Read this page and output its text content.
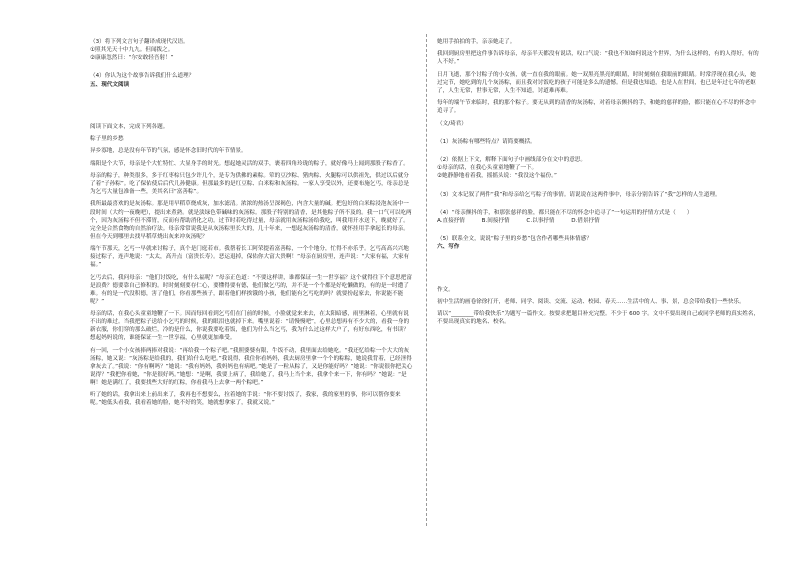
（3）将下列文言句子翻译成现代汉语。

①照其光天十中九九。但闻拨之。

②康康忽然曰：“尔安敢轻吾射！”

（4）你认为这个故事告诉我们什么道理？

五、现代文阅读

阅读下面文本，完成下列各题。

粽子里的乡愁

异乡寡地，总是没有年节的气氛，感是怀念旧时代的年节情景。

端阳是个大节，母亲是个大忙特忙、大显身手的时光。想起她灵活的双手，裹着四角玲珑的粽子，就好像马上闻到那股子粽香了。

母亲的粽子，种类很多，多于红枣棕只包少许几个，是专为供佛的素粽。荤的豆沙粽、猪肉粽、火腿粽可以供祖先，供过以后就分了着“子孙粽”。吃了保佑使后后代儿孙健康。但那最多的是红豆粽、白米粽和灰汤粽。一家人享受以外，还要布施乞丐，母亲总是为乞丐大量包准备一些，美其名曰“富善粽”。

我所最最喜欢的是灰汤粽。那是用早稻草烧成灰，加水滤清。浓浓的热汤呈深褐色，内含大量的碱。把包好的白米粽浸泡灰汤中一段时间（大约一夜晚吧），提出来煮熟。就是淡绿色带碱味的灰汤粽。那股子特别的清香，是其他粽子所不及的。我一口气可以吃两个，因为灰汤粽不但不滞胃，反而有帮助消化之功。过节时若吃得过量，母亲就用灰汤粽汤给我吃，叫我用开水送下，晚就好了。完全是合然食物的自然治疗法。母亲常常说我是从灰汤粽里长大的，几十年来，一想起灰汤粽的清香，就怀挂用手拿起长的母亲。但在今天到哪里去找早稻草烧出灰来冲灰汤呢？

端午节那天，乞丐一早就来讨粽子，真个是门庭若市。我帮着长工阿荣提着富善粽，一个个地分，忙得不亦乐乎。乞丐高高兴兴地接过粽子，连声地说：“太太，高升点（富贵长寿）。恶运退掉，保佑你大富大贵啊！”母亲在厨房里，连声说：“大家有福，大家有福。”

乞丐去后，我问母亲：“他们讨饭吃，有什么福呢？”母亲正色道：“不要这样讲，谁都保证一生一世享福？这个就得往下个意思把富是浪费？德要靠自己修积的。时时刻刻要存仁心，要懂得要有德，他们做乞丐的，并不是一个个都是好吃懒做的，有的是一时遭了难。有的是一代没积德，害了他们，你看那些孩子，跟着他们样挨饿的小孩，他们能有乞丐吃的吗？就要扮起家去，你说能不能呢？”

母亲的话，在我心头童童地鞭了一下。因而每回看到乞丐们在门前的时候，小脸就觉来来去，在太阳暗感，雨里淋着，心里就有说不出的难过。当我把粽子送给小乞丐的时候，我的眼泪也就掉下来。嘴里说着：“请慢慢吧”，心里总想再有不少大的，看我一身的新衣服，你们穿的那么破烂，冷的是什么，你说我要吃着饭，他们为什么当乞丐，我为什么过这样大户了，有好东西吃，有书读？想起妈妈说的，谁能保证一生一世享福，心里就更加难受。

有一回，一个小女孩捧两捧对我说：“再给我一个粽子吧。”我照婆婆有限，牛饭不动，我里面去给她吃。“我还忆给粽一个大大的灰汤粽，她又说：“灰汤粽是给我的，我们给什么吃吧。”我说得，我住你看妈妈，我去厨房里拿一个个的粽粽，她说我背着，已经淫得拿灰去了。”我说：“你有啊吗？”她说：“我有妈妈，我妈妈也有病吧。”她是了一粒从粽了，又是你能好吗？”她说：“你说很你把关心说得？”我把你看她，“你是很好吗。”她想：“是啊，我要上病了，我给她了，我马上当个来，我拿个来一下，你有吗？”她说：“是啊！她是满红了，我要找些大好的红粽，你看我马上去拿一两个粽吧。”

听了她的话，我拿出来上前出来了，我再也不想要么，拉着她的手说：“你不要讨饭了，我家，我的家里的事，你可以帮你要来呢。”她低头看我，我看着她的脸，她不好的笑，她就想拿家了，我就又说。”

她用手拍拍的手，亲亲她走了。

我回到厨房里把这件事告诉母亲，母亲半天都没有说话，叹口气说：“我也不知如何说这个世界，为什么这样的，有的人得好，有的人不好。”

日月飞逝，那个讨粽子的小女孩，就一直在我的眼前。她一双黑亮黑亮的眼睛，时时刻刻在我眼前的眼睛。时常浮现在我心头，她过完节，她吃到的几个灰汤粽，而且我对讨饭吃的孩子可能是多么的遗憾。但是我也知道，也是人在世间，也已是年过七年的老妪了，人生无常，世事无常，人生不知道，讨道难再难。

每年的端午节来临时，我的那个粽子。要无从到的清香的灰汤粽，对着母亲颤抖的手，和她的慈祥的脸，都只能在心不尽的怀念中追寻了。

（文/琦君）

（1）灰汤粽有哪些特点？请简要概括。

（2）依据上下文，解释下面句子中画线部分在文中的意思。

①母亲的话，在我心头童童地鞭了一下。

②她静静地看着我，摇摇头说：“我没这个福份。”

（3）文本记叙了两件“我”和母亲给乞丐粽子的事情。请说说在这两件事中，母亲分别告诉了“我”怎样的人生道理。

（4）“母亲颤抖的手，和那张慈祥的脸，都只能在不尽的怀念中追寻了”一句运用的抒情方式是（　　）

A.直接抒情　　　B.间接抒情　　　C.以事抒情　　　D.借景抒情

（5）联系全文，说说“粽子里的乡愁”包含作者哪些具体情感？

六、写作

作文。

初中生活的画卷徐徐打开，老师、同学、阅读、交流、运动、校园、春天……生活中的人、事、景，总会带给我们一些快乐。

请以“________带给我快乐”为题写一篇作文。按要求把题目补充完整。不少于 600 字。文中不要出现自己或同学老师的真实姓名，不要出现真实的地名、校名。
